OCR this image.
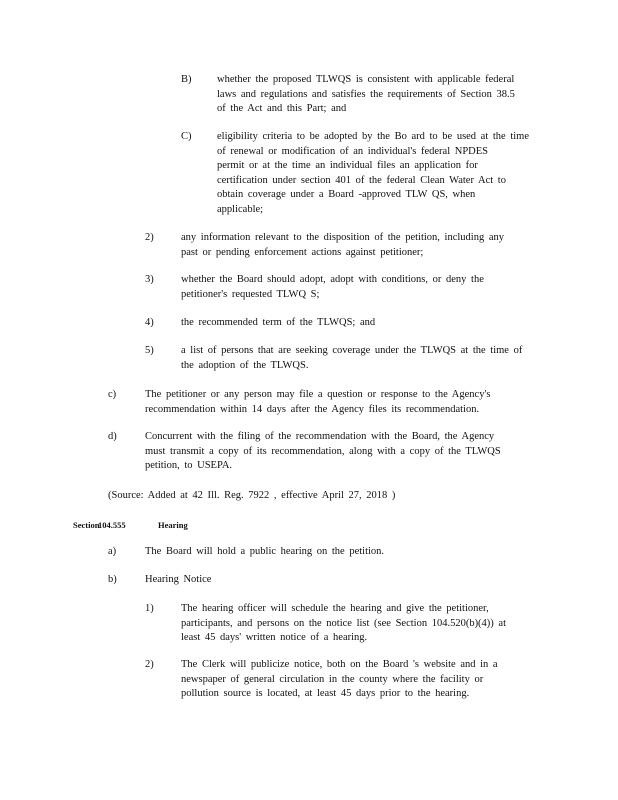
B) whether the proposed TLWQS is consistent with applicable federal
laws and regulations and satisfies the requirements of Section 38.5
of the Act and this Part; and
C) eligibility criteria to be adopted by the Bo ard to be used at the time
of renewal or modification of an individual's federal NPDES
permit or at the time an individual files an application for
certification under section 401 of the federal Clean Water Act to
obtain coverage under a Board -approved TLW QS, when
applicable;
2)	any information relevant to the disposition of the petition, including any
past or pending enforcement actions against petitioner;
3)	whether the Board should adopt, adopt with conditions, or deny the
petitioner's requested TLWQ S;
4)	the recommended term of the TLWQS; and
5)	a list of persons that are seeking coverage under the TLWQS at the time of
the adoption of the TLWQS.
c)	The petitioner or any person may file a question or response to the Agency's
recommendation within 14 days after the Agency files its recommendation.
d)	Concurrent with the filing of the recommendation with the Board, the Agency
must transmit a copy of its recommendation, along with a copy of the TLWQS
petition, to USEPA.
(Source: Added at 42 Ill. Reg. 7922 , effective April 27, 2018 )
Section
104.555	Hearing
a)	The Board will hold a public hearing on the petition.
b)	Hearing Notice
1)	The hearing officer will schedule the hearing and give the petitioner,
participants, and persons on the notice list (see Section 104.520(b)(4)) at
least 45 days' written notice of a hearing.
2)	The Clerk will publicize notice, both on the Board 's website and in a
newspaper of general circulation in the county where the facility or
pollution source is located, at least 45 days prior to the hearing.
